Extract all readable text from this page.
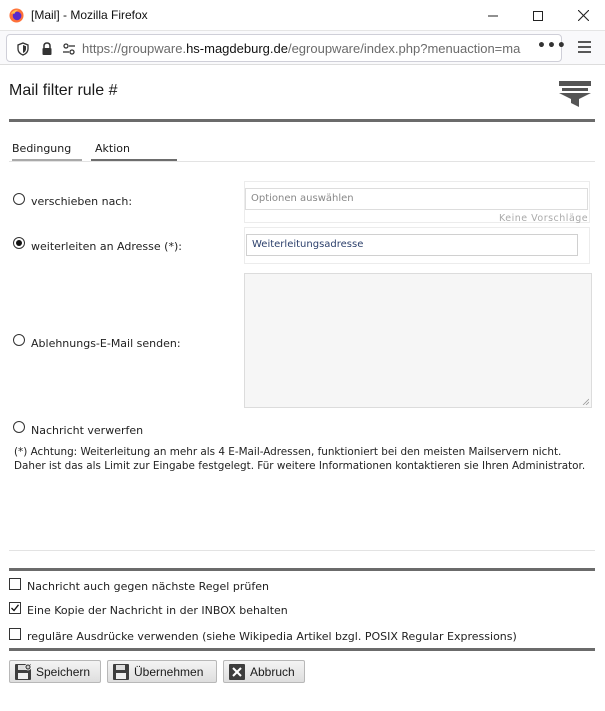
[Mail] - Mozilla Firefox
https://groupware.hs-magdeburg.de/egroupware/index.php?menuaction=ma	•••
Mail filter rule #
Bedingung	Aktion
verschieben nach:	Optionen auswählen
Keine Vorschläge
weiterleiten an Adresse (*):	Weiterleitungsadresse
Ablehnungs-E-Mail senden:
Nachricht verwerfen
(*) Achtung: Weiterleitung an mehr als 4 E-Mail-Adressen, funktioniert bei den meisten Mailservern nicht. Daher ist das als Limit zur Eingabe festgelegt. Für weitere Informationen kontaktieren sie Ihren Administrator.
Nachricht auch gegen nächste Regel prüfen
Eine Kopie der Nachricht in der INBOX behalten
reguläre Ausdrücke verwenden (siehe Wikipedia Artikel bzgl. POSIX Regular Expressions)
Speichern	Übernehmen	Abbruch
